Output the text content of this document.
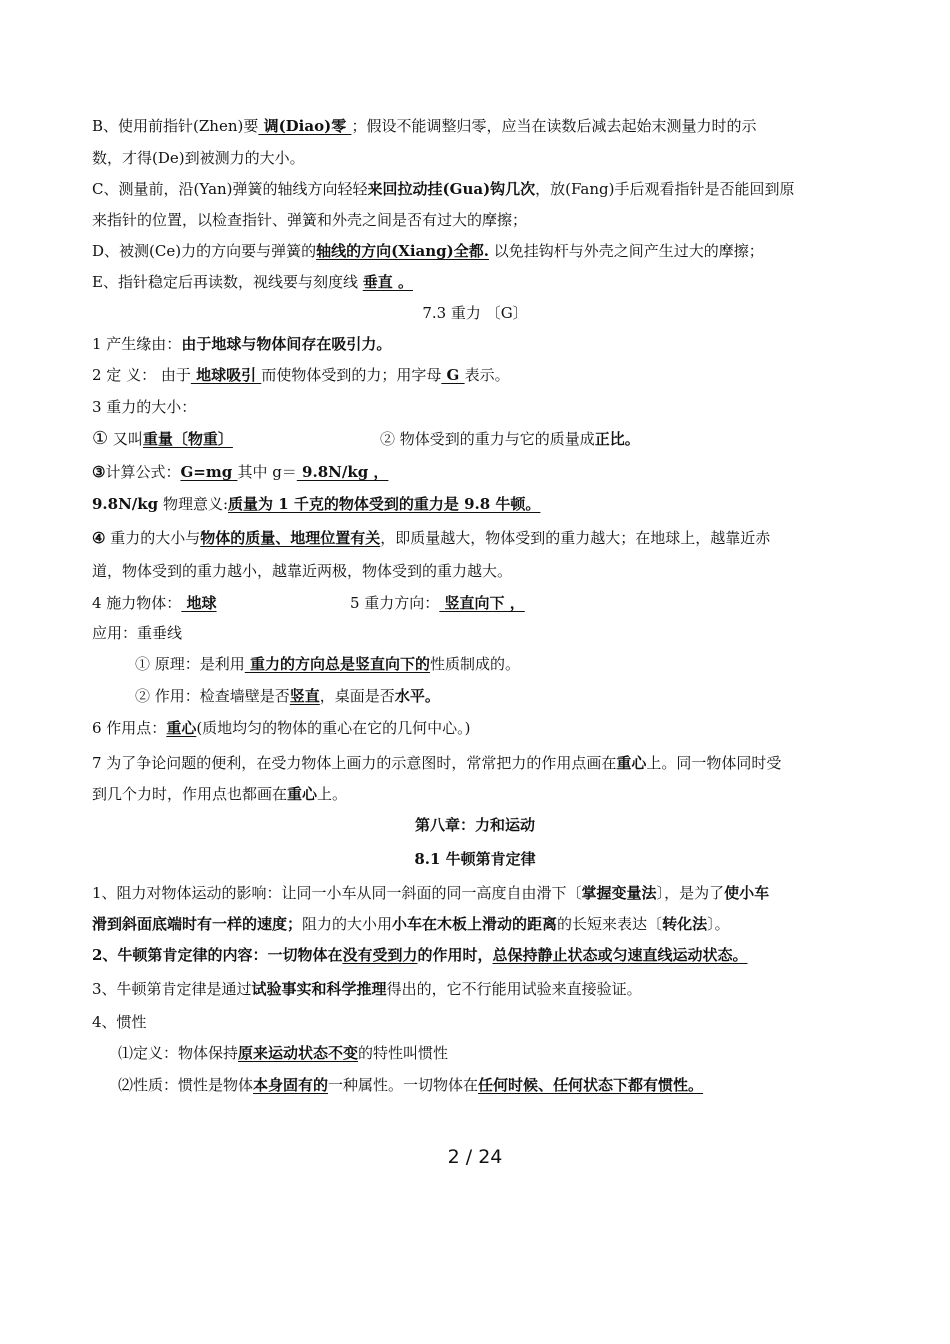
B、使用前指针(Zhen)要 调(Diao)零 ；假设不能调整归零，应当在读数后减去起始末测量力时的示
数，才得(De)到被测力的大小。
C、测量前，沿(Yan)弹簧的轴线方向轻轻来回拉动挂(Gua)钩几次，放(Fang)手后观看指针是否能回到原
来指针的位置，以检查指针、弹簧和外壳之间是否有过大的摩擦；
D、被测(Ce)力的方向要与弹簧的轴线的方向(Xiang)全都. 以免挂钩杆与外壳之间产生过大的摩擦；
E、指针稳定后再读数，视线要与刻度线 垂直 。
7.3 重力 〔G〕
1 产生缘由：由于地球与物体间存在吸引力。
2 定 义： 由于 地球吸引 而使物体受到的力；用字母 G 表示。
3 重力的大小：
① 又叫重量〔物重〕	② 物体受到的重力与它的质量成正比。
③计算公式：G=mg 其中 g＝ 9.8N/kg ，
9.8N/kg 物理意义:质量为 1 千克的物体受到的重力是 9.8 牛顿。
④ 重力的大小与物体的质量、地理位置有关，即质量越大，物体受到的重力越大；在地球上，越靠近赤
道，物体受到的重力越小，越靠近两极，物体受到的重力越大。
4 施力物体： 地球	5 重力方向： 竖直向下 ，
应用：重垂线
① 原理：是利用 重力的方向总是竖直向下的性质制成的。
② 作用：检查墙壁是否竖直，桌面是否水平。
6 作用点：重心(质地均匀的物体的重心在它的几何中心。)
7 为了争论问题的便利，在受力物体上画力的示意图时，常常把力的作用点画在重心上。同一物体同时受
到几个力时，作用点也都画在重心上。
第八章：力和运动
8.1 牛顿第肯定律
1、阻力对物体运动的影响：让同一小车从同一斜面的同一高度自由滑下〔掌握变量法〕，是为了使小车
滑到斜面底端时有一样的速度；阻力的大小用小车在木板上滑动的距离的长短来表达〔转化法〕。
2、牛顿第肯定律的内容：一切物体在没有受到力的作用时，总保持静止状态或匀速直线运动状态。
3、牛顿第肯定律是通过试验事实和科学推理得出的，它不行能用试验来直接验证。
4、惯性
⑴定义：物体保持原来运动状态不变的特性叫惯性
⑵性质：惯性是物体本身固有的一种属性。一切物体在任何时候、任何状态下都有惯性。
2 / 24
